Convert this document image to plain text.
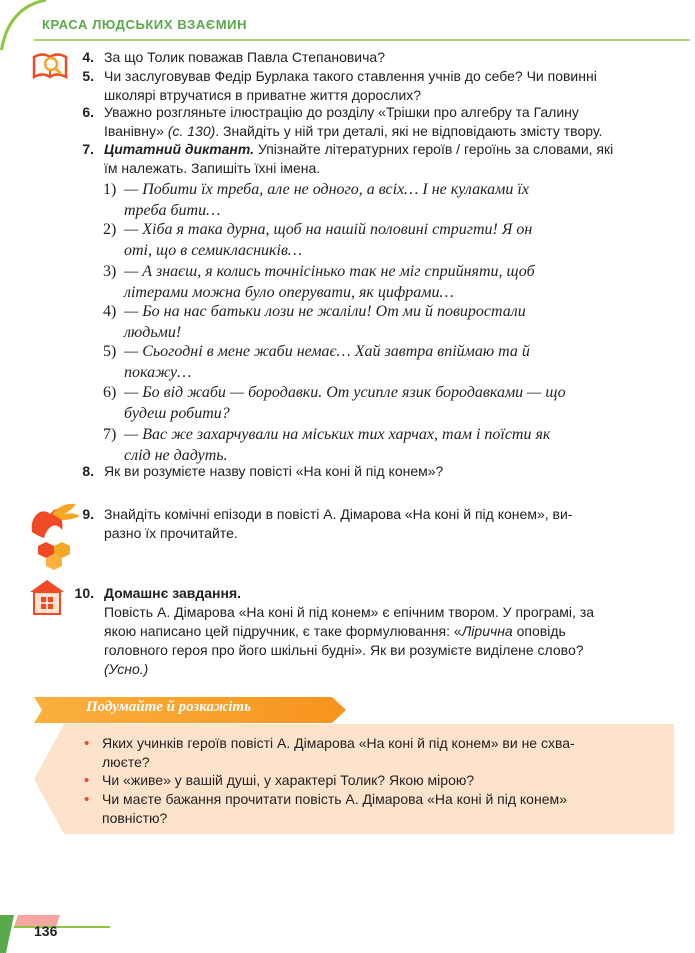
КРАСА ЛЮДСЬКИХ ВЗАЄМИН
4. За що Толик поважав Павла Степановича?
5. Чи заслуговував Федір Бурлака такого ставлення учнів до себе? Чи повинні
школярі втручатися в приватне життя дорослих?
6. Уважно розгляньте ілюстрацію до розділу «Трішки про алгебру та Галину
Іванівну» (с. 130). Знайдіть у ній три деталі, які не відповідають змісту твору.
7. Цитатний диктант. Упізнайте літературних героїв / героїнь за словами, які
їм належать. Запишіть їхні імена.
1) — Побити їх треба, але не одного, а всіх… І не кулаками їх
треба бити…
2) — Хіба я така дурна, щоб на нашій половині стригти! Я он
оті, що в семикласників…
3) — А знаєш, я колись точнісінько так не міг сприйняти, щоб
літерами можна було оперувати, як цифрами…
4) — Бо на нас батьки лози не жаліли! От ми й повиростали
людьми!
5) — Сьогодні в мене жаби немає… Хай завтра впіймаю та й
покажу…
6) — Бо від жаби — бородавки. От усипле язик бородавками — що
будеш робити?
7) — Вас же захарчували на міських тих харчах, там і поїсти як
слід не дадуть.
8. Як ви розумієте назву повісті «На коні й під конем»?
9. Знайдіть комічні епізоди в повісті А. Дімарова «На коні й під конем», ви-
разно їх прочитайте.
10. Домашнє завдання.
Повість А. Дімарова «На коні й під конем» є епічним твором. У програмі, за
якою написано цей підручник, є таке формулювання: «Лірична оповідь
головного героя про його шкільні будні». Як ви розумієте виділене слово?
(Усно.)
Подумайте й розкажіть
• Яких учинків героїв повісті А. Дімарова «На коні й під конем» ви не схва-
люєте?
• Чи «живе» у вашій душі, у характері Толик? Якою мірою?
• Чи маєте бажання прочитати повість А. Дімарова «На коні й під конем»
повністю?
136
